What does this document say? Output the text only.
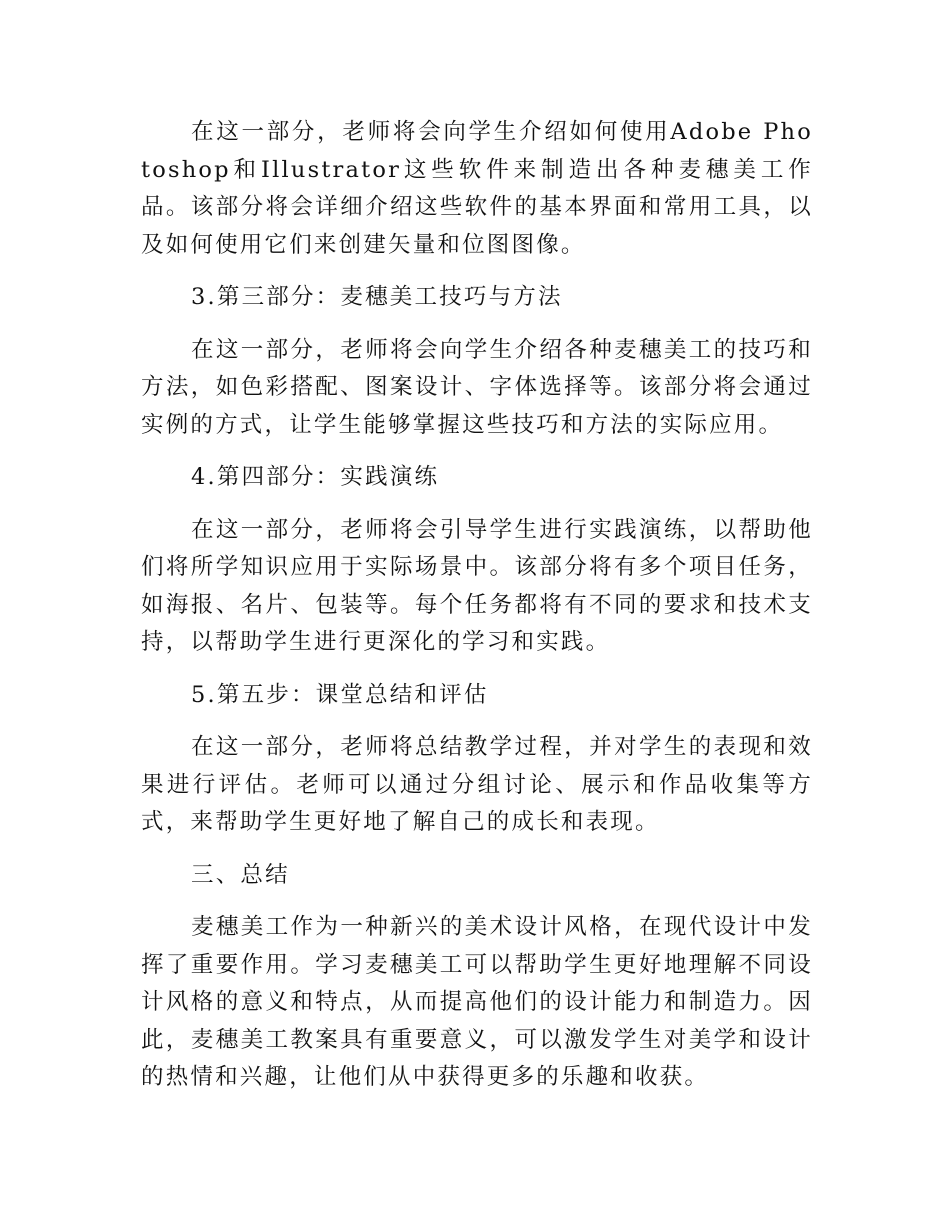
在这一部分，老师将会向学生介绍如何使用Adobe Photoshop和Illustrator这些软件来制造出各种麦穗美工作品。该部分将会详细介绍这些软件的基本界面和常用工具，以及如何使用它们来创建矢量和位图图像。

3.第三部分：麦穗美工技巧与方法

在这一部分，老师将会向学生介绍各种麦穗美工的技巧和方法，如色彩搭配、图案设计、字体选择等。该部分将会通过实例的方式，让学生能够掌握这些技巧和方法的实际应用。

4.第四部分：实践演练

在这一部分，老师将会引导学生进行实践演练，以帮助他们将所学知识应用于实际场景中。该部分将有多个项目任务，如海报、名片、包装等。每个任务都将有不同的要求和技术支持，以帮助学生进行更深化的学习和实践。

5.第五步：课堂总结和评估

在这一部分，老师将总结教学过程，并对学生的表现和效果进行评估。老师可以通过分组讨论、展示和作品收集等方式，来帮助学生更好地了解自己的成长和表现。

三、总结

麦穗美工作为一种新兴的美术设计风格，在现代设计中发挥了重要作用。学习麦穗美工可以帮助学生更好地理解不同设计风格的意义和特点，从而提高他们的设计能力和制造力。因此，麦穗美工教案具有重要意义，可以激发学生对美学和设计的热情和兴趣，让他们从中获得更多的乐趣和收获。
